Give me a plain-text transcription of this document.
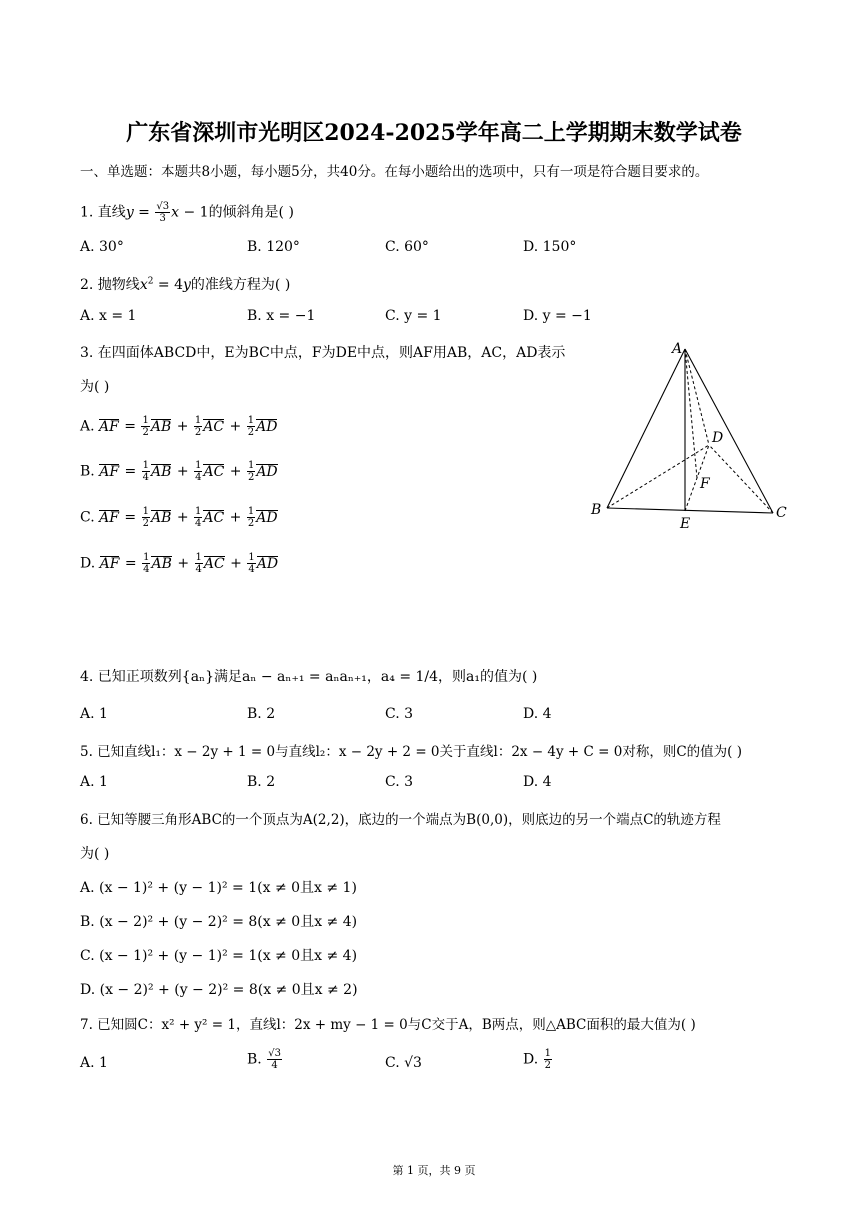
广东省深圳市光明区2024-2025学年高二上学期期末数学试卷
一、单选题：本题共8小题，每小题5分，共40分。在每小题给出的选项中，只有一项是符合题目要求的。
1. 直线$y = \frac{√3}{3}$ x − 1的倾斜角是( )
A. 30°	B. 120°	C. 60°	D. 150°
2. 抛物线$x^2 = 4y$的准线方程为( )
A. x = 1	B. x = −1	C. y = 1	D. y = −1
3. 在四面体ABCD中，E为BC中点，F为DE中点，则AF用AB，AC，AD表示
为( )
A. AF = $\frac{1}{2}$ AB + $\frac{1}{2}$ AC + $\frac{1}{2}$ AD
B. AF = $\frac{1}{4}$ AB + $\frac{1}{4}$ AC + $\frac{1}{2}$ AD
C. AF = $\frac{1}{2}$ AB + $\frac{1}{4}$ AC + $\frac{1}{2}$ AD
D. AF = $\frac{1}{4}$ AB + $\frac{1}{4}$ AC + $\frac{1}{4}$ AD
A
B	C
D
E
F
4. 已知正项数列{aₙ}满足aₙ − aₙ₊₁ = aₙaₙ₊₁，a₄ = 1/4，则a₁的值为( )
A. 1	B. 2	C. 3	D. 4
5. 已知直线l₁：x − 2y + 1 = 0与直线l₂：x − 2y + 2 = 0关于直线l：2x − 4y + C = 0对称，则C的值为( )
A. 1	B. 2	C. 3	D. 4
6. 已知等腰三角形ABC的一个顶点为A(2,2)，底边的一个端点为B(0,0)，则底边的另一个端点C的轨迹方程
为( )
A. (x − 1)² + (y − 1)² = 1(x ≠ 0且x ≠ 1)
B. (x − 2)² + (y − 2)² = 8(x ≠ 0且x ≠ 4)
C. (x − 1)² + (y − 1)² = 1(x ≠ 0且x ≠ 4)
D. (x − 2)² + (y − 2)² = 8(x ≠ 0且x ≠ 2)
7. 已知圆C：x² + y² = 1，直线l：2x + my − 1 = 0与C交于A，B两点，则△ABC面积的最大值为( )
A. 1	B. $\frac{√3}{4}$	C. √3	D. $\frac{1}{2}$
第 1 页，共 9 页
